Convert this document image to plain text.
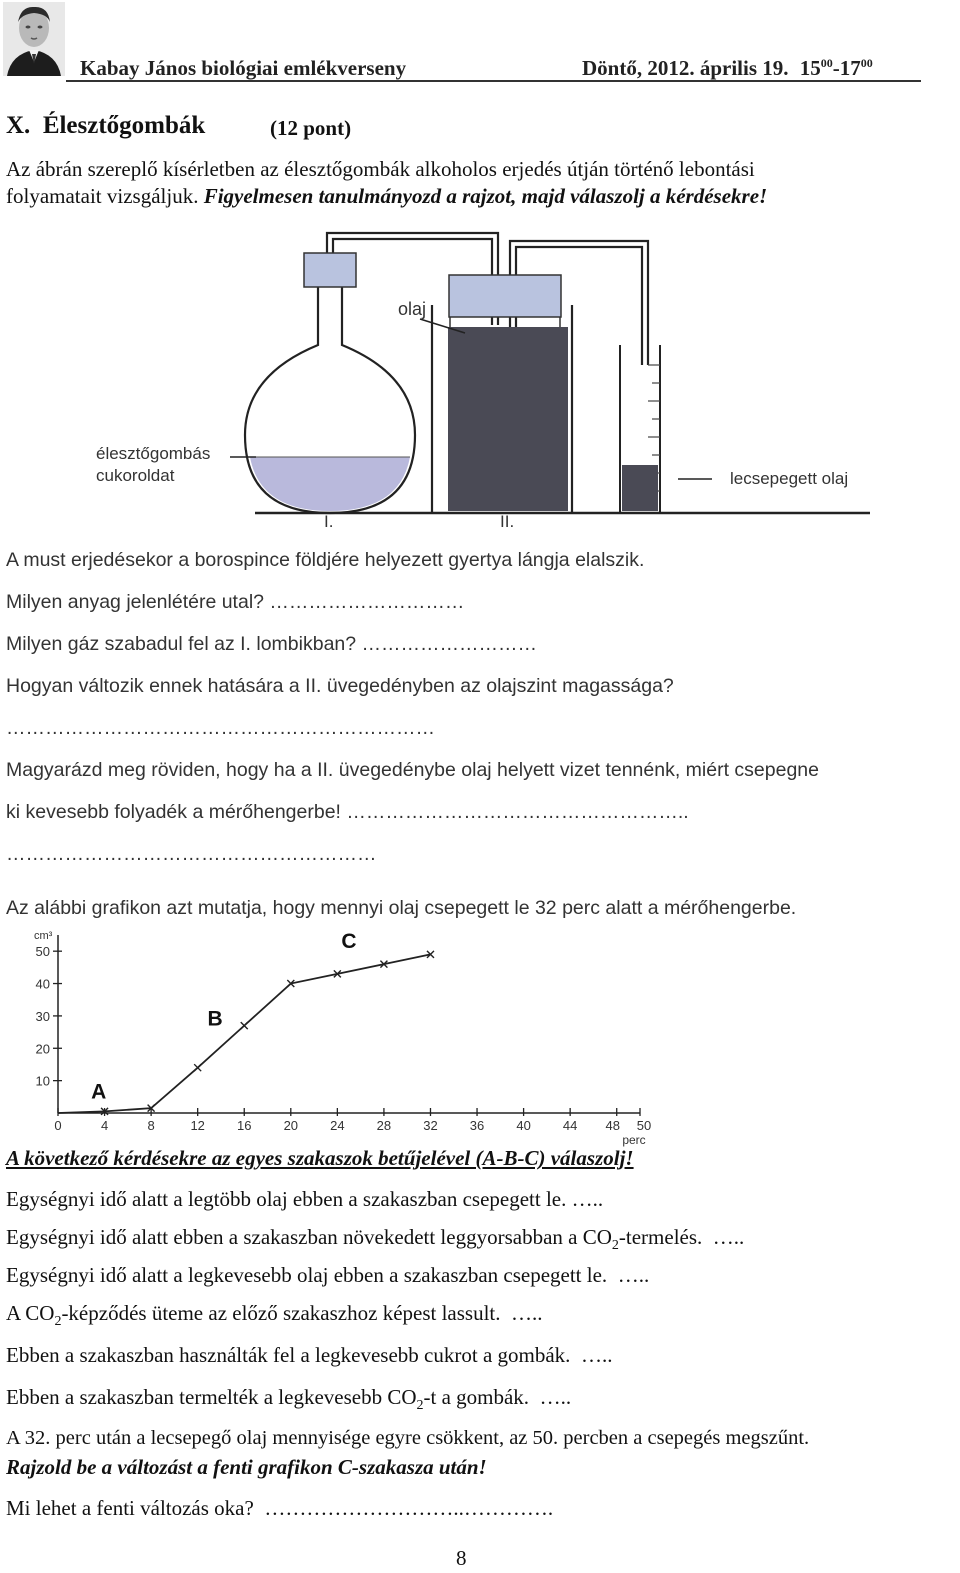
Kabay János biológiai emlékverseny	Döntő, 2012. április 19. $15^{00}-17^{00}$
X. Élesztőgombák	(12 pont)
Az ábrán szereplő kísérletben az élesztőgombák alkoholos erjedés útján történő lebontási
folyamatait vizsgáljuk. Figyelmesen tanulmányozd a rajzot, majd válaszolj a kérdésekre!
olaj
élesztőgombás
cukoroldat	lecsepegett olaj
I.	II.
A must erjedésekor a borospince földjére helyezett gyertya lángja elalszik.
Milyen anyag jelenlétére utal? …………………………
Milyen gáz szabadul fel az I. lombikban? ………………………
Hogyan változik ennek hatására a II. üvegedényben az olajszint magassága?
…………………………………………………………
Magyarázd meg röviden, hogy ha a II. üvegedénybe olaj helyett vizet tennénk, miért csepegne
ki kevesebb folyadék a mérőhengerbe! ……………………………………………..
…………………………………………………
Az alábbi grafikon azt mutatja, hogy mennyi olaj csepegett le 32 perc alatt a mérőhengerbe.
10
20
30
40
50
cm³
0	4	8	12 16 20 24 28 32 36 40 44 48 50
perc
A
B
C
A következő kérdésekre az egyes szakaszok betűjelével (A-B-C) válaszolj!
Egységnyi idő alatt a legtöbb olaj ebben a szakaszban csepegett le. …..
Egységnyi idő alatt ebben a szakaszban növekedett leggyorsabban a $CO_2$-termelés. …..
Egységnyi idő alatt a legkevesebb olaj ebben a szakaszban csepegett le. …..
A $CO_2$-képződés üteme az előző szakaszhoz képest lassult. …..
Ebben a szakaszban használták fel a legkevesebb cukrot a gombák. …..
Ebben a szakaszban termelték a legkevesebb $CO_2-t$ a gombák. …..
A 32. perc után a lecsepegő olaj mennyisége egyre csökkent, az 50. percben a csepegés megszűnt.
Rajzold be a változást a fenti grafikon C-szakasza után!
Mi lehet a fenti változás oka? ………………………..………….
8
